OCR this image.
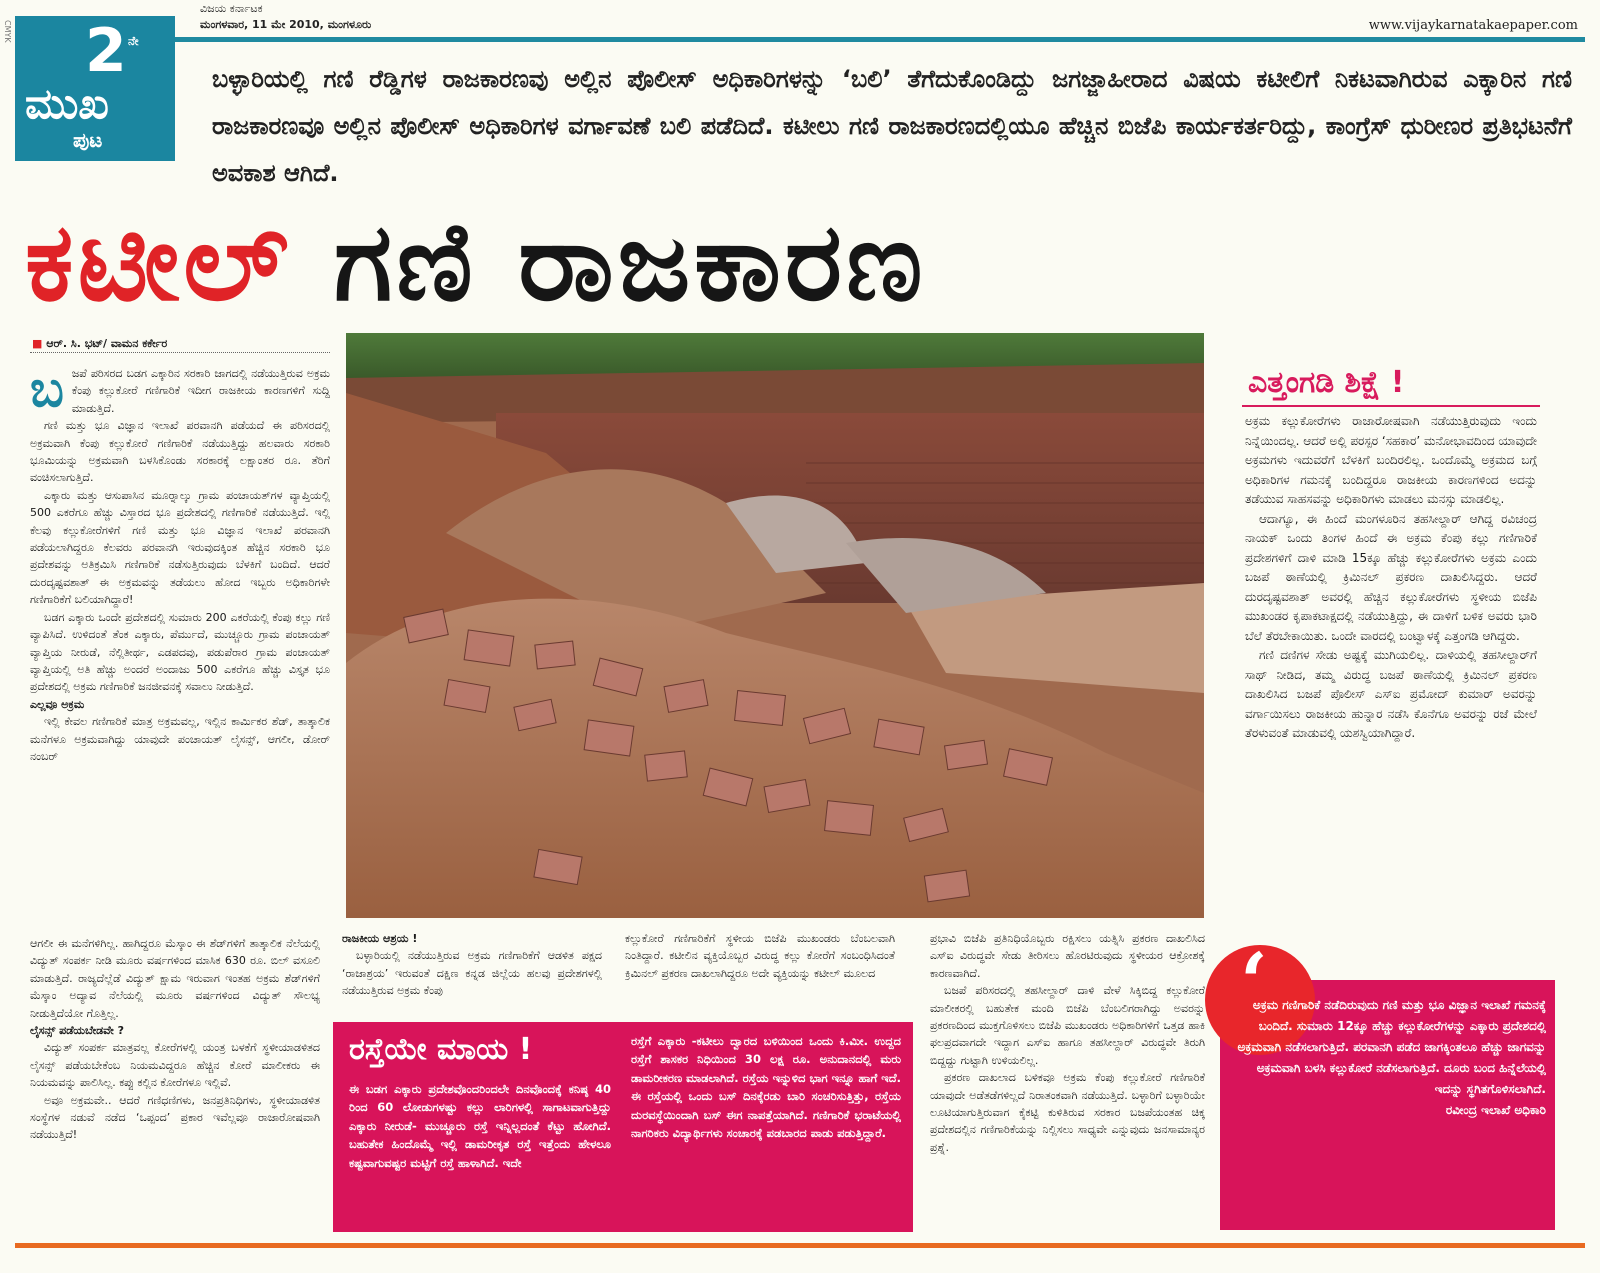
CMYK
ವಿಜಯ ಕರ್ನಾಟಕ
ಮಂಗಳವಾರ, 11 ಮೇ 2010, ಮಂಗಳೂರು	www.vijaykarnatakaepaper.com
2 ನೇ
ಮುಖ
ಪುಟ
ಬಳ್ಳಾರಿಯಲ್ಲಿ ಗಣಿ ರೆಡ್ಡಿಗಳ ರಾಜಕಾರಣವು ಅಲ್ಲಿನ ಪೊಲೀಸ್ ಅಧಿಕಾರಿಗಳನ್ನು ‘ಬಲಿ’ ತೆಗೆದುಕೊಂಡಿದ್ದು ಜಗಜ್ಜಾಹೀರಾದ ವಿಷಯ ಕಟೀಲಿಗೆ ನಿಕಟವಾಗಿರುವ ಎಕ್ಕಾರಿನ ಗಣಿ ರಾಜಕಾರಣವೂ ಅಲ್ಲಿನ ಪೊಲೀಸ್ ಅಧಿಕಾರಿಗಳ ವರ್ಗಾವಣೆ ಬಲಿ ಪಡೆದಿದೆ. ಕಟೀಲು ಗಣಿ ರಾಜಕಾರಣದಲ್ಲಿಯೂ ಹೆಚ್ಚಿನ ಬಿಜೆಪಿ ಕಾರ್ಯಕರ್ತರಿದ್ದು, ಕಾಂಗ್ರೆಸ್ ಧುರೀಣರ ಪ್ರತಿಭಟನೆಗೆ ಅವಕಾಶ ಆಗಿದೆ.
ಕಟೀಲ್ ಗಣಿ ರಾಜಕಾರಣ
■ ಆರ್. ಸಿ. ಭಟ್/ ವಾಮನ ಕರ್ಕೇರ
ಬ ಜಪೆ ಪರಿಸರದ ಬಡಗ ಎಕ್ಕಾರಿನ ಸರಕಾರಿ ಜಾಗದಲ್ಲಿ ನಡೆಯುತ್ತಿರುವ ಅಕ್ರಮ ಕೆಂಪು ಕಲ್ಲುಕೋರೆ ಗಣಿಗಾರಿಕೆ ಇದೀಗ ರಾಜಕೀಯ ಕಾರಣಗಳಿಗೆ ಸುದ್ದಿ ಮಾಡುತ್ತಿದೆ.

ಗಣಿ ಮತ್ತು ಭೂ ವಿಜ್ಞಾನ ಇಲಾಖೆ ಪರವಾನಗಿ ಪಡೆಯದೆ ಈ ಪರಿಸರದಲ್ಲಿ ಅಕ್ರಮವಾಗಿ ಕೆಂಪು ಕಲ್ಲುಕೋರೆ ಗಣಿಗಾರಿಕೆ ನಡೆಯುತ್ತಿದ್ದು ಹಲವಾರು ಸರಕಾರಿ ಭೂಮಿಯನ್ನು ಅಕ್ರಮವಾಗಿ ಬಳಸಿಕೊಂಡು ಸರಕಾರಕ್ಕೆ ಲಕ್ಷಾಂತರ ರೂ. ತೆರಿಗೆ ವಂಚಿಸಲಾಗುತ್ತಿದೆ.

ಎಕ್ಕಾರು ಮತ್ತು ಆಸುಪಾಸಿನ ಮೂರ್‍ನಾಲ್ಕು ಗ್ರಾಮ ಪಂಚಾಯತ್‌ಗಳ ವ್ಯಾಪ್ತಿಯಲ್ಲಿ 500 ಎಕರೆಗೂ ಹೆಚ್ಚು ವಿಸ್ತಾರದ ಭೂ ಪ್ರದೇಶದಲ್ಲಿ ಗಣಿಗಾರಿಕೆ ನಡೆಯುತ್ತಿದೆ. ಇಲ್ಲಿ ಕೆಲವು ಕಲ್ಲುಕೋರೆಗಳಿಗೆ ಗಣಿ ಮತ್ತು ಭೂ ವಿಜ್ಞಾನ ಇಲಾಖೆ ಪರವಾನಗಿ ಪಡೆಯಲಾಗಿದ್ದರೂ ಕೆಲವರು ಪರವಾನಗಿ ಇರುವುದಕ್ಕಿಂತ ಹೆಚ್ಚಿನ ಸರಕಾರಿ ಭೂ ಪ್ರದೇಶವನ್ನು ಅತಿಕ್ರಮಿಸಿ ಗಣಿಗಾರಿಕೆ ನಡೆಸುತ್ತಿರುವುದು ಬೆಳಕಿಗೆ ಬಂದಿದೆ. ಆದರೆ ದುರದೃಷ್ಟವಶಾತ್ ಈ ಅಕ್ರಮವನ್ನು ತಡೆಯಲು ಹೋದ ಇಬ್ಬರು ಅಧಿಕಾರಿಗಳೇ ಗಣಿಗಾರಿಕೆಗೆ ಬಲಿಯಾಗಿದ್ದಾರೆ!

ಬಡಗ ಎಕ್ಕಾರು ಒಂದೇ ಪ್ರದೇಶದಲ್ಲಿ ಸುಮಾರು 200 ಎಕರೆಯಲ್ಲಿ ಕೆಂಪು ಕಲ್ಲು ಗಣಿ ವ್ಯಾಪಿಸಿದೆ. ಉಳಿದಂತೆ ತೆಂಕ ಎಕ್ಕಾರು, ಪೆರ್ಮುದೆ, ಮುಚ್ಚೂರು ಗ್ರಾಮ ಪಂಚಾಯತ್ ವ್ಯಾಪ್ತಿಯ ನೀರುಡೆ, ನೆಲ್ಲಿತೀರ್ಥ, ಎಡಪದವು, ಪಡುಪೆರಾರ ಗ್ರಾಮ ಪಂಚಾಯತ್ ವ್ಯಾಪ್ತಿಯಲ್ಲಿ ಅತಿ ಹೆಚ್ಚು ಅಂದರೆ ಅಂದಾಜು 500 ಎಕರೆಗೂ ಹೆಚ್ಚು ವಿಸ್ತೃತ ಭೂ ಪ್ರದೇಶದಲ್ಲಿ ಅಕ್ರಮ ಗಣಿಗಾರಿಕೆ ಜನಜೀವನಕ್ಕೆ ಸವಾಲು ನೀಡುತ್ತಿದೆ.

ಎಲ್ಲವೂ ಅಕ್ರಮ

ಇಲ್ಲಿ ಕೇವಲ ಗಣಿಗಾರಿಕೆ ಮಾತ್ರ ಅಕ್ರಮವಲ್ಲ, ಇಲ್ಲಿನ ಕಾರ್ಮಿಕರ ಶೆಡ್, ತಾತ್ಕಾಲಿಕ ಮನೆಗಳೂ ಅಕ್ರಮವಾಗಿದ್ದು ಯಾವುದೇ ಪಂಚಾಯತ್ ಲೈಸನ್ಸ್, ಆಗಲೀ, ಡೋರ್ ನಂಬರ್

ಆಗಲೀ ಈ ಮನೆಗಳಿಗಿಲ್ಲ. ಹಾಗಿದ್ದರೂ ಮೆಸ್ಕಾಂ ಈ ಶೆಡ್‌ಗಳಿಗೆ ತಾತ್ಕಾಲಿಕ ನೆಲೆಯಲ್ಲಿ ವಿದ್ಯುತ್ ಸಂಪರ್ಕ ನೀಡಿ ಮೂರು ವರ್ಷಗಳಿಂದ ಮಾಸಿಕ 630 ರೂ. ಬಿಲ್ ವಸೂಲಿ ಮಾಡುತ್ತಿದೆ. ರಾಜ್ಯದೆಲ್ಲೆಡೆ ವಿದ್ಯುತ್ ಕ್ಷಾಮ ಇರುವಾಗ ಇಂತಹ ಅಕ್ರಮ ಶೆಡ್‌ಗಳಿಗೆ ಮೆಸ್ಕಾಂ ಅದ್ಯಾವ ನೆಲೆಯಲ್ಲಿ ಮೂರು ವರ್ಷಗಳಿಂದ ವಿದ್ಯುತ್ ಸೌಲಭ್ಯ ನೀಡುತ್ತಿದೆಯೋ ಗೊತ್ತಿಲ್ಲ.

ಲೈಸನ್ಸ್ ಪಡೆಯಬೇಡವೇ ?

ವಿದ್ಯುತ್ ಸಂಪರ್ಕ ಮಾತ್ರವಲ್ಲ ಕೋರೆಗಳಲ್ಲಿ ಯಂತ್ರ ಬಳಕೆಗೆ ಸ್ಥಳೀಯಾಡಳಿತದ ಲೈಸನ್ಸ್ ಪಡೆಯಬೇಕೆಂಬ ನಿಯಮವಿದ್ದರೂ ಹೆಚ್ಚಿನ ಕೋರೆ ಮಾಲೀಕರು ಈ ನಿಯಮವನ್ನು ಪಾಲಿಸಿಲ್ಲ. ಕಪ್ಪು ಕಲ್ಲಿನ ಕೋರೆಗಳೂ ಇಲ್ಲಿವೆ.

ಅವೂ ಅಕ್ರಮವೇ.. ಆದರೆ ಗಣಿಧಣಿಗಳು, ಜನಪ್ರತಿನಿಧಿಗಳು, ಸ್ಥಳೀಯಾಡಳಿತ ಸಂಸ್ಥೆಗಳ ನಡುವೆ ನಡೆದ ‘ಒಪ್ಪಂದ’ ಪ್ರಕಾರ ಇವೆಲ್ಲವೂ ರಾಜಾರೋಷವಾಗಿ ನಡೆಯುತ್ತಿದೆ!

ರಾಜಕೀಯ ಆಶ್ರಯ !

ಬಳ್ಳಾರಿಯಲ್ಲಿ ನಡೆಯುತ್ತಿರುವ ಅಕ್ರಮ ಗಣಿಗಾರಿಕೆಗೆ ಆಡಳಿತ ಪಕ್ಷದ ‘ರಾಜಾಶ್ರಯ’ ಇರುವಂತೆ ದಕ್ಷಿಣ ಕನ್ನಡ ಜಿಲ್ಲೆಯ ಹಲವು ಪ್ರದೇಶಗಳಲ್ಲಿ ನಡೆಯುತ್ತಿರುವ ಅಕ್ರಮ ಕೆಂಪು

ಕಲ್ಲುಕೋರೆ ಗಣಿಗಾರಿಕೆಗೆ ಸ್ಥಳೀಯ ಬಿಜೆಪಿ ಮುಖಂಡರು ಬೆಂಬಲವಾಗಿ ನಿಂತಿದ್ದಾರೆ. ಕಟೀಲಿನ ವ್ಯಕ್ತಿಯೊಬ್ಬರ ವಿರುದ್ಧ ಕಲ್ಲು ಕೋರೆಗೆ ಸಂಬಂಧಿಸಿದಂತೆ ಕ್ರಿಮಿನಲ್ ಪ್ರಕರಣ ದಾಖಲಾಗಿದ್ದರೂ ಅದೇ ವ್ಯಕ್ತಿಯನ್ನು ಕಟೀಲ್ ಮೂಲದ

ಪ್ರಭಾವಿ ಬಿಜೆಪಿ ಪ್ರತಿನಿಧಿಯೊಬ್ಬರು ರಕ್ಷಿಸಲು ಯತ್ನಿಸಿ ಪ್ರಕರಣ ದಾಖಲಿಸಿದ ಎಸ್‌ಐ ವಿರುದ್ಧವೇ ಸೇಡು ತೀರಿಸಲು ಹೊರಟಿರುವುದು ಸ್ಥಳೀಯರ ಆಕ್ರೋಶಕ್ಕೆ ಕಾರಣವಾಗಿದೆ.

ಬಜಪೆ ಪರಿಸರದಲ್ಲಿ ತಹಸೀಲ್ದಾರ್ ದಾಳಿ ವೇಳೆ ಸಿಕ್ಕಿಬಿದ್ದ ಕಲ್ಲುಕೋರೆ ಮಾಲೀಕರಲ್ಲಿ ಬಹುತೇಕ ಮಂದಿ ಬಿಜೆಪಿ ಬೆಂಬಲಿಗರಾಗಿದ್ದು ಅವರನ್ನು ಪ್ರಕರಣದಿಂದ ಮುಕ್ತಗೊಳಿಸಲು ಬಿಜೆಪಿ ಮುಖಂಡರು ಅಧಿಕಾರಿಗಳಿಗೆ ಒತ್ತಡ ಹಾಕಿ ಫಲಪ್ರದವಾಗದೇ ಇದ್ದಾಗ ಎಸ್‌ಐ ಹಾಗೂ ತಹಸೀಲ್ದಾರ್ ವಿರುದ್ಧವೇ ತಿರುಗಿ ಬಿದ್ದದ್ದು ಗುಟ್ಟಾಗಿ ಉಳಿಯಲಿಲ್ಲ.

ಪ್ರಕರಣ ದಾಖಲಾದ ಬಳಿಕವೂ ಅಕ್ರಮ ಕೆಂಪು ಕಲ್ಲುಕೋರೆ ಗಣಿಗಾರಿಕೆ ಯಾವುದೇ ಅಡೆತಡೆಗಳಿಲ್ಲದೆ ನಿರಾತಂಕವಾಗಿ ನಡೆಯುತ್ತಿದೆ. ಬಳ್ಳಾರಿಗೆ ಬಳ್ಳಾರಿಯೇ ಲೂಟಿಯಾಗುತ್ತಿರುವಾಗ ಕೈಕಟ್ಟಿ ಕುಳಿತಿರುವ ಸರಕಾರ ಬಜಪೆಯಂತಹ ಚಿಕ್ಕ ಪ್ರದೇಶದಲ್ಲಿನ ಗಣಿಗಾರಿಕೆಯನ್ನು ನಿಲ್ಲಿಸಲು ಸಾಧ್ಯವೇ ಎನ್ನುವುದು ಜನಸಾಮಾನ್ಯರ ಪ್ರಶ್ನೆ.

ರಸ್ತೆಯೇ ಮಾಯ !
ಈ ಬಡಗ ಎಕ್ಕಾರು ಪ್ರದೇಶವೊಂದರಿಂದಲೇ ದಿನವೊಂದಕ್ಕೆ ಕನಿಷ್ಠ 40 ರಿಂದ 60 ಲೋಡುಗಳಷ್ಟು ಕಲ್ಲು ಲಾರಿಗಳಲ್ಲಿ ಸಾಗಾಟವಾಗುತ್ತಿದ್ದು ಎಕ್ಕಾರು ನೀರುಡೆ- ಮುಚ್ಚೂರು ರಸ್ತೆ ಇನ್ನಿಲ್ಲದಂತೆ ಕೆಟ್ಟು ಹೋಗಿದೆ. ಬಹುತೇಕ ಹಿಂದೊಮ್ಮೆ ಇಲ್ಲಿ ಡಾಮರೀಕೃತ ರಸ್ತೆ ಇತ್ತೆಂದು ಹೇಳಲೂ ಕಷ್ಟವಾಗುವಷ್ಟರ ಮಟ್ಟಿಗೆ ರಸ್ತೆ ಹಾಳಾಗಿದೆ. ಇದೇ
ರಸ್ತೆಗೆ ಎಕ್ಕಾರು -ಕಟೀಲು ದ್ವಾರದ ಬಳಿಯಿಂದ ಒಂದು ಕಿ.ಮೀ. ಉದ್ದದ ರಸ್ತೆಗೆ ಶಾಸಕರ ನಿಧಿಯಿಂದ 30 ಲಕ್ಷ ರೂ. ಅನುದಾನದಲ್ಲಿ ಮರು ಡಾಮರೀಕರಣ ಮಾಡಲಾಗಿದೆ. ರಸ್ತೆಯ ಇನ್ನುಳಿದ ಭಾಗ ಇನ್ನೂ ಹಾಗೆ ಇದೆ. ಈ ರಸ್ತೆಯಲ್ಲಿ ಒಂದು ಬಸ್ ದಿನಕ್ಕೆರಡು ಬಾರಿ ಸಂಚರಿಸುತ್ತಿತ್ತು, ರಸ್ತೆಯ ದುರವಸ್ಥೆಯಿಂದಾಗಿ ಬಸ್ ಈಗ ನಾಪತ್ತೆಯಾಗಿದೆ. ಗಣಿಗಾರಿಕೆ ಭರಾಟೆಯಲ್ಲಿ ನಾಗರಿಕರು ವಿದ್ಯಾರ್ಥಿಗಳು ಸಂಚಾರಕ್ಕೆ ಪಡಬಾರದ ಪಾಡು ಪಡುತ್ತಿದ್ದಾರೆ.
ಎತ್ತಂಗಡಿ ಶಿಕ್ಷೆ !

ಅಕ್ರಮ ಕಲ್ಲುಕೋರೆಗಳು ರಾಜಾರೋಷವಾಗಿ ನಡೆಯುತ್ತಿರುವುದು ಇಂದು ನಿನ್ನೆಯಿಂದಲ್ಲ. ಆದರೆ ಅಲ್ಲಿ ಪರಸ್ಪರ ‘ಸಹಕಾರ’ ಮನೋಭಾವದಿಂದ ಯಾವುದೇ ಅಕ್ರಮಗಳು ಇದುವರೆಗೆ ಬೆಳಕಿಗೆ ಬಂದಿರಲಿಲ್ಲ. ಒಂದೊಮ್ಮೆ ಅಕ್ರಮದ ಬಗ್ಗೆ ಅಧಿಕಾರಿಗಳ ಗಮನಕ್ಕೆ ಬಂದಿದ್ದರೂ ರಾಜಕೀಯ ಕಾರಣಗಳಿಂದ ಅದನ್ನು ತಡೆಯುವ ಸಾಹಸವನ್ನು ಅಧಿಕಾರಿಗಳು ಮಾಡಲು ಮನಸ್ಸು ಮಾಡಲಿಲ್ಲ.

ಆದಾಗ್ಯೂ, ಈ ಹಿಂದೆ ಮಂಗಳೂರಿನ ತಹಸೀಲ್ದಾರ್ ಆಗಿದ್ದ ರವಿಚಂದ್ರ ನಾಯಕ್ ಒಂದು ತಿಂಗಳ ಹಿಂದೆ ಈ ಅಕ್ರಮ ಕೆಂಪು ಕಲ್ಲು ಗಣಿಗಾರಿಕೆ ಪ್ರದೇಶಗಳಿಗೆ ದಾಳಿ ಮಾಡಿ 15ಕ್ಕೂ ಹೆಚ್ಚು ಕಲ್ಲುಕೋರೆಗಳು ಅಕ್ರಮ ಎಂದು ಬಜಪೆ ಠಾಣೆಯಲ್ಲಿ ಕ್ರಿಮಿನಲ್ ಪ್ರಕರಣ ದಾಖಲಿಸಿದ್ದರು. ಆದರೆ ದುರದೃಷ್ಟವಶಾತ್ ಅವರಲ್ಲಿ ಹೆಚ್ಚಿನ ಕಲ್ಲುಕೋರೆಗಳು ಸ್ಥಳೀಯ ಬಿಜೆಪಿ ಮುಖಂಡರ ಕೃಪಾಕಟಾಕ್ಷದಲ್ಲಿ ನಡೆಯುತ್ತಿದ್ದು, ಈ ದಾಳಿಗೆ ಬಳಿಕ ಅವರು ಭಾರಿ ಬೆಲೆ ತೆರಬೇಕಾಯಿತು. ಒಂದೇ ವಾರದಲ್ಲಿ ಬಂಟ್ವಾಳಕ್ಕೆ ಎತ್ತಂಗಡಿ ಆಗಿದ್ದರು.

ಗಣಿ ದಣಿಗಳ ಸೇಡು ಅಷ್ಟಕ್ಕೆ ಮುಗಿಯಲಿಲ್ಲ. ದಾಳಿಯಲ್ಲಿ ತಹಸೀಲ್ದಾರ್‌ಗೆ ಸಾಥ್ ನೀಡಿದ, ತಮ್ಮ ವಿರುದ್ಧ ಬಜಪೆ ಠಾಣೆಯಲ್ಲಿ ಕ್ರಿಮಿನಲ್ ಪ್ರಕರಣ ದಾಖಲಿಸಿದ ಬಜಪೆ ಪೊಲೀಸ್ ಎಸ್‌ಐ ಪ್ರಮೋದ್ ಕುಮಾರ್ ಅವರನ್ನು ವರ್ಗಾಯಿಸಲು ರಾಜಕೀಯ ಹುನ್ನಾರ ನಡೆಸಿ ಕೊನೆಗೂ ಅವರನ್ನು ರಜೆ ಮೇಲೆ ತೆರಳುವಂತೆ ಮಾಡುವಲ್ಲಿ ಯಶಸ್ವಿಯಾಗಿದ್ದಾರೆ.

‘

ಅಕ್ರಮ ಗಣಿಗಾರಿಕೆ ನಡೆದಿರುವುದು ಗಣಿ ಮತ್ತು ಭೂ ವಿಜ್ಞಾನ ಇಲಾಖೆ ಗಮನಕ್ಕೆ ಬಂದಿದೆ. ಸುಮಾರು 12ಕ್ಕೂ ಹೆಚ್ಚು ಕಲ್ಲುಕೋರೆಗಳನ್ನು ಎಕ್ಕಾರು ಪ್ರದೇಶದಲ್ಲಿ ಅಕ್ರಮವಾಗಿ ನಡೆಸಲಾಗುತ್ತಿದೆ. ಪರವಾನಗಿ ಪಡೆದ ಜಾಗಕ್ಕಿಂತಲೂ ಹೆಚ್ಚು ಜಾಗವನ್ನು ಅಕ್ರಮವಾಗಿ ಬಳಸಿ ಕಲ್ಲುಕೋರೆ ನಡೆಸಲಾಗುತ್ತಿದೆ. ದೂರು ಬಂದ ಹಿನ್ನೆಲೆಯಲ್ಲಿ ಇದನ್ನು ಸ್ಥಗಿತಗೊಳಿಸಲಾಗಿದೆ.

ರವೀಂದ್ರ ಇಲಾಖೆ ಅಧಿಕಾರಿ
